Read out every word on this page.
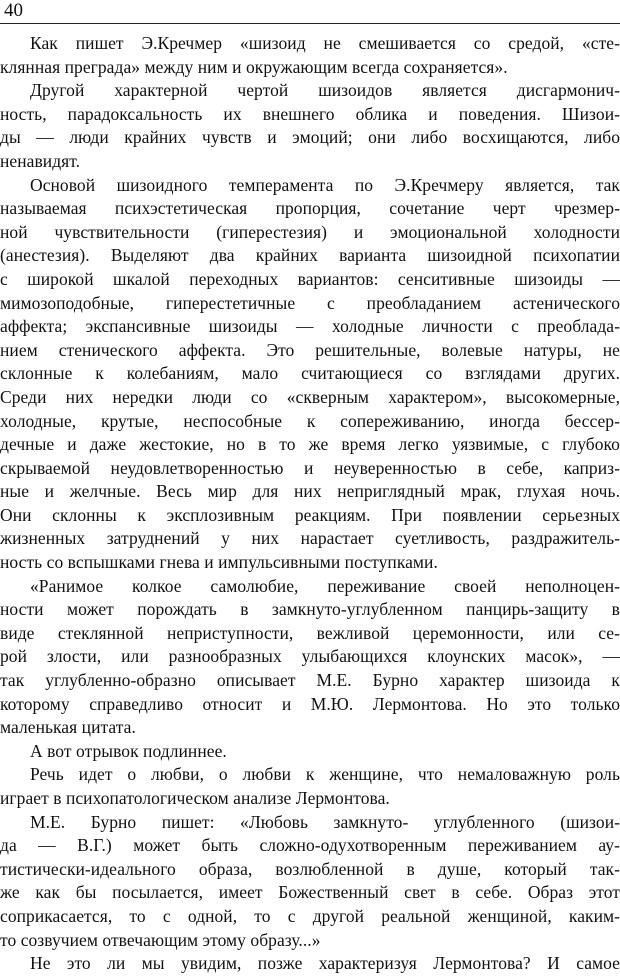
40
Как пишет Э.Кречмер «шизоид не смешивается со средой, «сте-
клянная преграда» между ним и окружающим всегда сохраняется».
Другой характерной чертой шизоидов является дисгармонич-
ность, парадоксальность их внешнего облика и поведения. Шизои-
ды — люди крайних чувств и эмоций; они либо восхищаются, либо
ненавидят.
Основой шизоидного темперамента по Э.Кречмеру является, так
называемая психэстетическая пропорция, сочетание черт чрезмер-
ной чувствительности (гиперестезия) и эмоциональной холодности
(анестезия). Выделяют два крайних варианта шизоидной психопатии
с широкой шкалой переходных вариантов: сенситивные шизоиды —
мимозоподобные, гиперестетичные с преобладанием астенического
аффекта; экспансивные шизоиды — холодные личности с преоблада-
нием стенического аффекта. Это решительные, волевые натуры, не
склонные к колебаниям, мало считающиеся со взглядами других.
Среди них нередки люди со «скверным характером», высокомерные,
холодные, крутые, неспособные к сопереживанию, иногда бессер-
дечные и даже жестокие, но в то же время легко уязвимые, с глубоко
скрываемой неудовлетворенностью и неуверенностью в себе, каприз-
ные и желчные. Весь мир для них неприглядный мрак, глухая ночь.
Они склонны к эксплозивным реакциям. При появлении серьезных
жизненных затруднений у них нарастает суетливость, раздражитель-
ность со вспышками гнева и импульсивными поступками.
«Ранимое колкое самолюбие, переживание своей неполноцен-
ности может порождать в замкнуто-углубленном панцирь-защиту в
виде стеклянной неприступности, вежливой церемонности, или се-
рой злости, или разнообразных улыбающихся клоунских масок», —
так углубленно-образно описывает М.Е. Бурно характер шизоида к
которому справедливо относит и М.Ю. Лермонтова. Но это только
маленькая цитата.
А вот отрывок подлиннее.
Речь идет о любви, о любви к женщине, что немаловажную роль
играет в психопатологическом анализе Лермонтова.
М.Е. Бурно пишет: «Любовь замкнуто- углубленного (шизои-
да — В.Г.) может быть сложно-одухотворенным переживанием ау-
тистически-идеального образа, возлюбленной в душе, который так-
же как бы посылается, имеет Божественный свет в себе. Образ этот
соприкасается, то с одной, то с другой реальной женщиной, каким-
то созвучием отвечающим этому образу...»
Не это ли мы увидим, позже характеризуя Лермонтова? И самое
